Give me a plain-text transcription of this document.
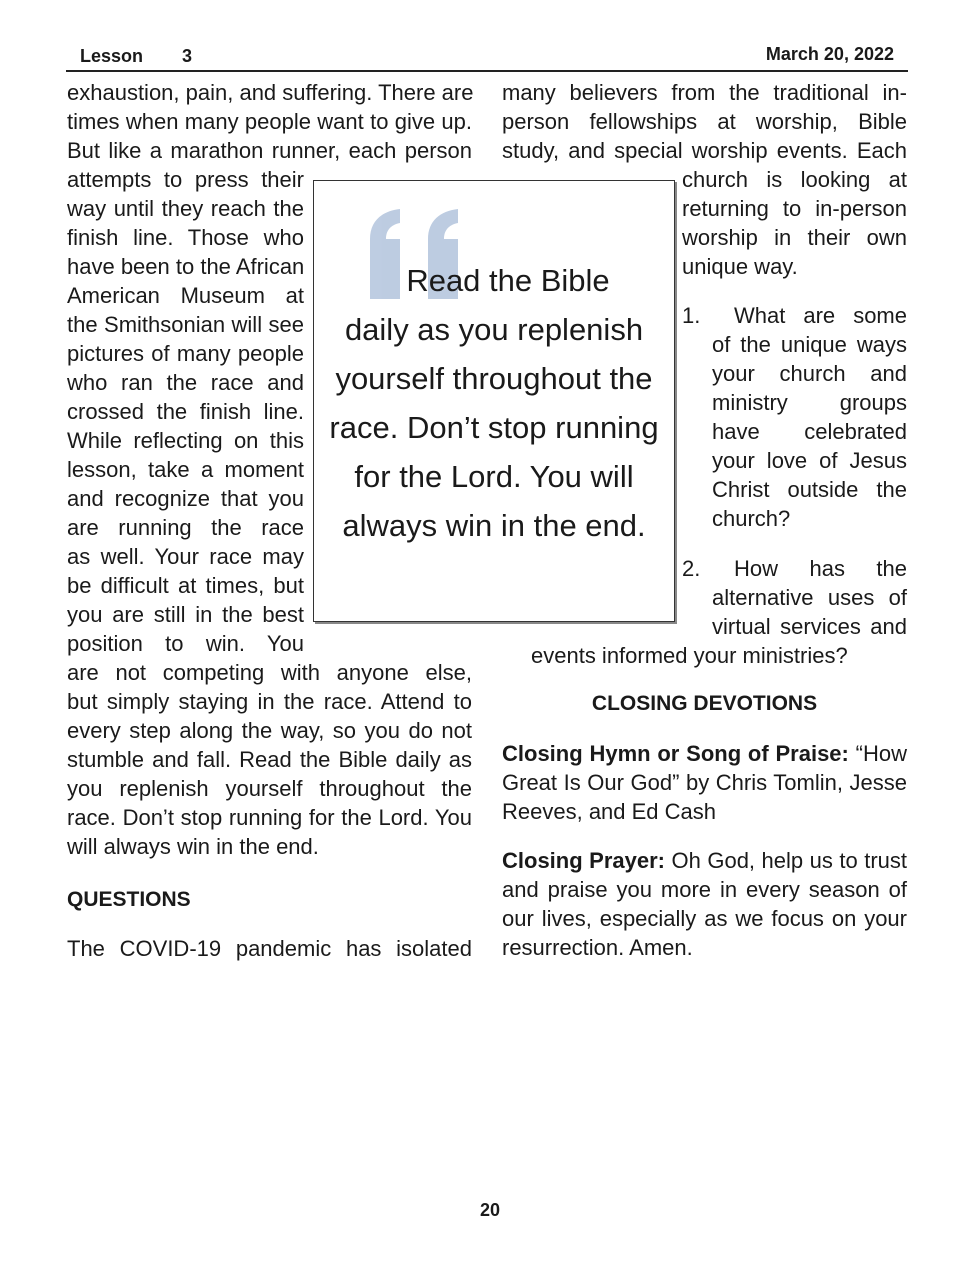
Lesson 3	March 20, 2022
exhaustion, pain, and suffering. There are
times when many people want to give up.
But like a marathon runner, each person
attempts to press their
way until they reach the
finish line. Those who
have been to the African
American Museum at
the Smithsonian will see
pictures of many people
who ran the race and
crossed the finish line.
While reflecting on this
lesson, take a moment
and recognize that you
are running the race
as well. Your race may
be difficult at times, but
you are still in the best
position to win. You
are not competing with anyone else,
but simply staying in the race. Attend to
every step along the way, so you do not
stumble and fall. Read the Bible daily as
you replenish yourself throughout the
race. Don’t stop running for the Lord. You
will always win in the end.
QUESTIONS
The COVID-19 pandemic has isolated
Read the Bible
daily as you replenish
yourself throughout the
race. Don’t stop running
for the Lord. You will
always win in the end.
many believers from the traditional in-
person fellowships at worship, Bible
study, and special worship events. Each
church is looking at
returning to in-person
worship in their own
unique way.
1. What are some
of the unique ways
your church and
ministry groups
have celebrated
your love of Jesus
Christ outside the
church?
2. How has the
alternative uses of
virtual services and
events informed your ministries?
CLOSING DEVOTIONS
Closing Hymn or Song of Praise: “How
Great Is Our God” by Chris Tomlin, Jesse
Reeves, and Ed Cash
Closing Prayer: Oh God, help us to trust
and praise you more in every season of
our lives, especially as we focus on your
resurrection. Amen.
20
